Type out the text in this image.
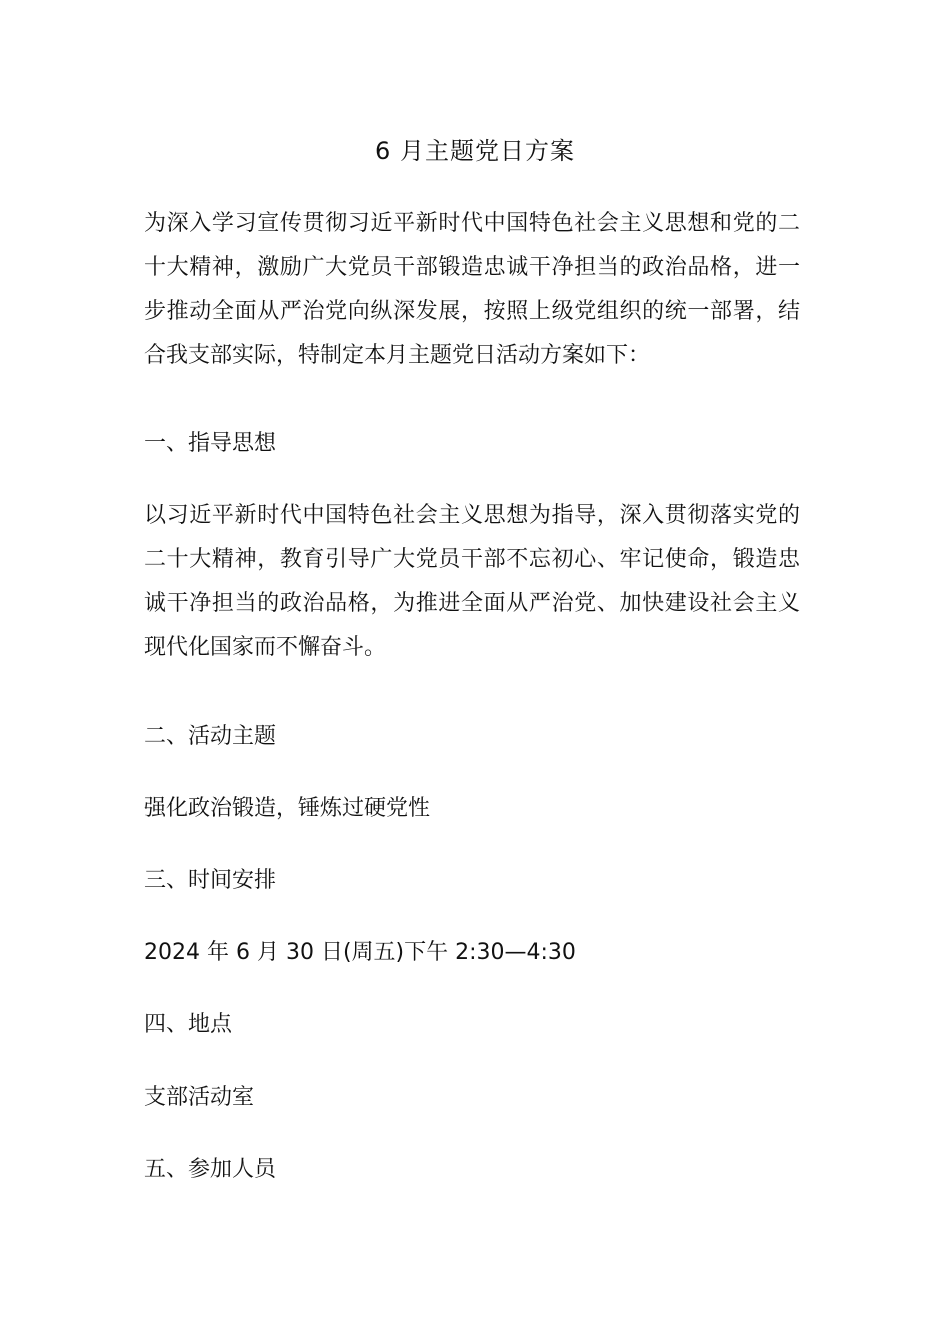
6 月主题党日方案

为深入学习宣传贯彻习近平新时代中国特色社会主义思想和党的二十大精神，激励广大党员干部锻造忠诚干净担当的政治品格，进一步推动全面从严治党向纵深发展，按照上级党组织的统一部署，结合我支部实际，特制定本月主题党日活动方案如下：

一、指导思想

以习近平新时代中国特色社会主义思想为指导，深入贯彻落实党的二十大精神，教育引导广大党员干部不忘初心、牢记使命，锻造忠诚干净担当的政治品格，为推进全面从严治党、加快建设社会主义现代化国家而不懈奋斗。

二、活动主题

强化政治锻造，锤炼过硬党性

三、时间安排

2024 年 6 月 30 日(周五)下午 2:30—4:30

四、地点

支部活动室

五、参加人员
